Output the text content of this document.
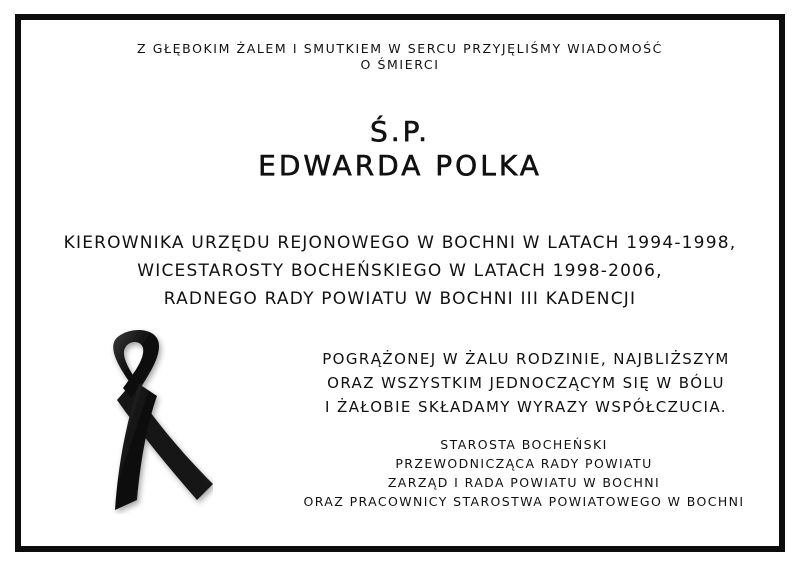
Z GŁĘBOKIM ŻALEM I SMUTKIEM W SERCU PRZYJĘLIŚMY WIADOMOŚĆ
O ŚMIERCI
Ś.P.
EDWARDA POLKA
KIEROWNIKA URZĘDU REJONOWEGO W BOCHNI W LATACH 1994-1998,
WICESTAROSTY BOCHEŃSKIEGO W LATACH 1998-2006,
RADNEGO RADY POWIATU W BOCHNI III KADENCJI
POGRĄŻONEJ W ŻALU RODZINIE, NAJBLIŻSZYM
ORAZ WSZYSTKIM JEDNOCZĄCYM SIĘ W BÓLU
I ŻAŁOBIE SKŁADAMY WYRAZY WSPÓŁCZUCIA.
STAROSTA BOCHEŃSKI
PRZEWODNICZĄCA RADY POWIATU
ZARZĄD I RADA POWIATU W BOCHNI
ORAZ PRACOWNICY STAROSTWA POWIATOWEGO W BOCHNI
